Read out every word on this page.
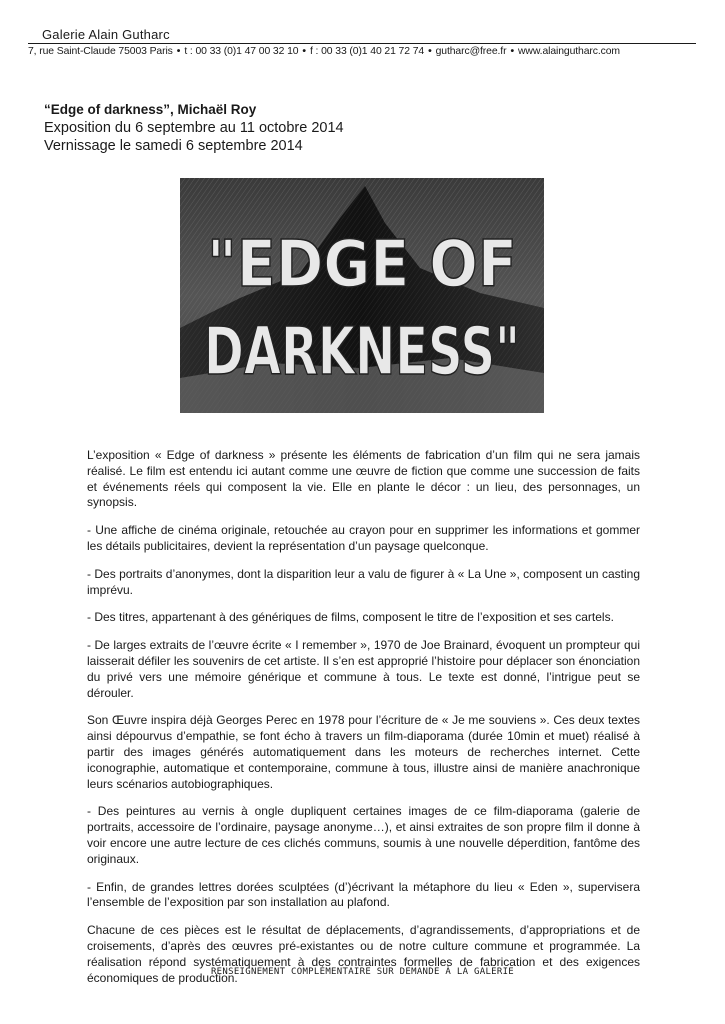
Galerie Alain Gutharc
7, rue Saint-Claude 75003 Paris • t : 00 33 (0)1 47 00 32 10 • f : 00 33 (0)1 40 21 72 74 • gutharc@free.fr • www.alaingutharc.com
“Edge of darkness”, Michaël Roy
Exposition du 6 septembre au 11 octobre 2014
Vernissage le samedi 6 septembre 2014
"EDGE OF
DARKNESS"

L’exposition « Edge of darkness » présente les éléments de fabrication d’un film qui ne sera jamais réalisé. Le film est entendu ici autant comme une œuvre de fiction que comme une succession de faits et événements réels qui composent la vie. Elle en plante le décor : un lieu, des personnages, un synopsis.

- Une affiche de cinéma originale, retouchée au crayon pour en supprimer les informations et gommer les détails publicitaires, devient la représentation d’un paysage quelconque.

- Des portraits d’anonymes, dont la disparition leur a valu de figurer à « La Une », composent un casting imprévu.

- Des titres, appartenant à des génériques de films, composent le titre de l’exposition et ses cartels.

- De larges extraits de l’œuvre écrite « I remember », 1970 de Joe Brainard, évoquent un prompteur qui laisserait défiler les souvenirs de cet artiste. Il s’en est approprié l’histoire pour déplacer son énonciation du privé vers une mémoire générique et commune à tous. Le texte est donné, l’intrigue peut se dérouler.

Son Œuvre inspira déjà Georges Perec en 1978 pour l’écriture de « Je me souviens ». Ces deux textes ainsi dépourvus d’empathie, se font écho à travers un film-diaporama (durée 10min et muet) réalisé à partir des images générés automatiquement dans les moteurs de recherches internet. Cette iconographie, automatique et contemporaine, commune à tous, illustre ainsi de manière anachronique leurs scénarios autobiographiques.

- Des peintures au vernis à ongle dupliquent certaines images de ce film-diaporama (galerie de portraits, accessoire de l’ordinaire, paysage anonyme…), et ainsi extraites de son propre film il donne à voir encore une autre lecture de ces clichés communs, soumis à une nouvelle déperdition, fantôme des originaux.

- Enfin, de grandes lettres dorées sculptées (d’)écrivant la métaphore du lieu « Eden », supervisera l’ensemble de l’exposition par son installation au plafond.

Chacune de ces pièces est le résultat de déplacements, d’agrandissements, d’appropriations et de croisements, d’après des œuvres pré-existantes ou de notre culture commune et programmée. La réalisation répond systématiquement à des contraintes formelles de fabrication et des exigences économiques de production.

RENSEIGNEMENT COMPLÉMENTAIRE SUR DEMANDE À LA GALERIE
